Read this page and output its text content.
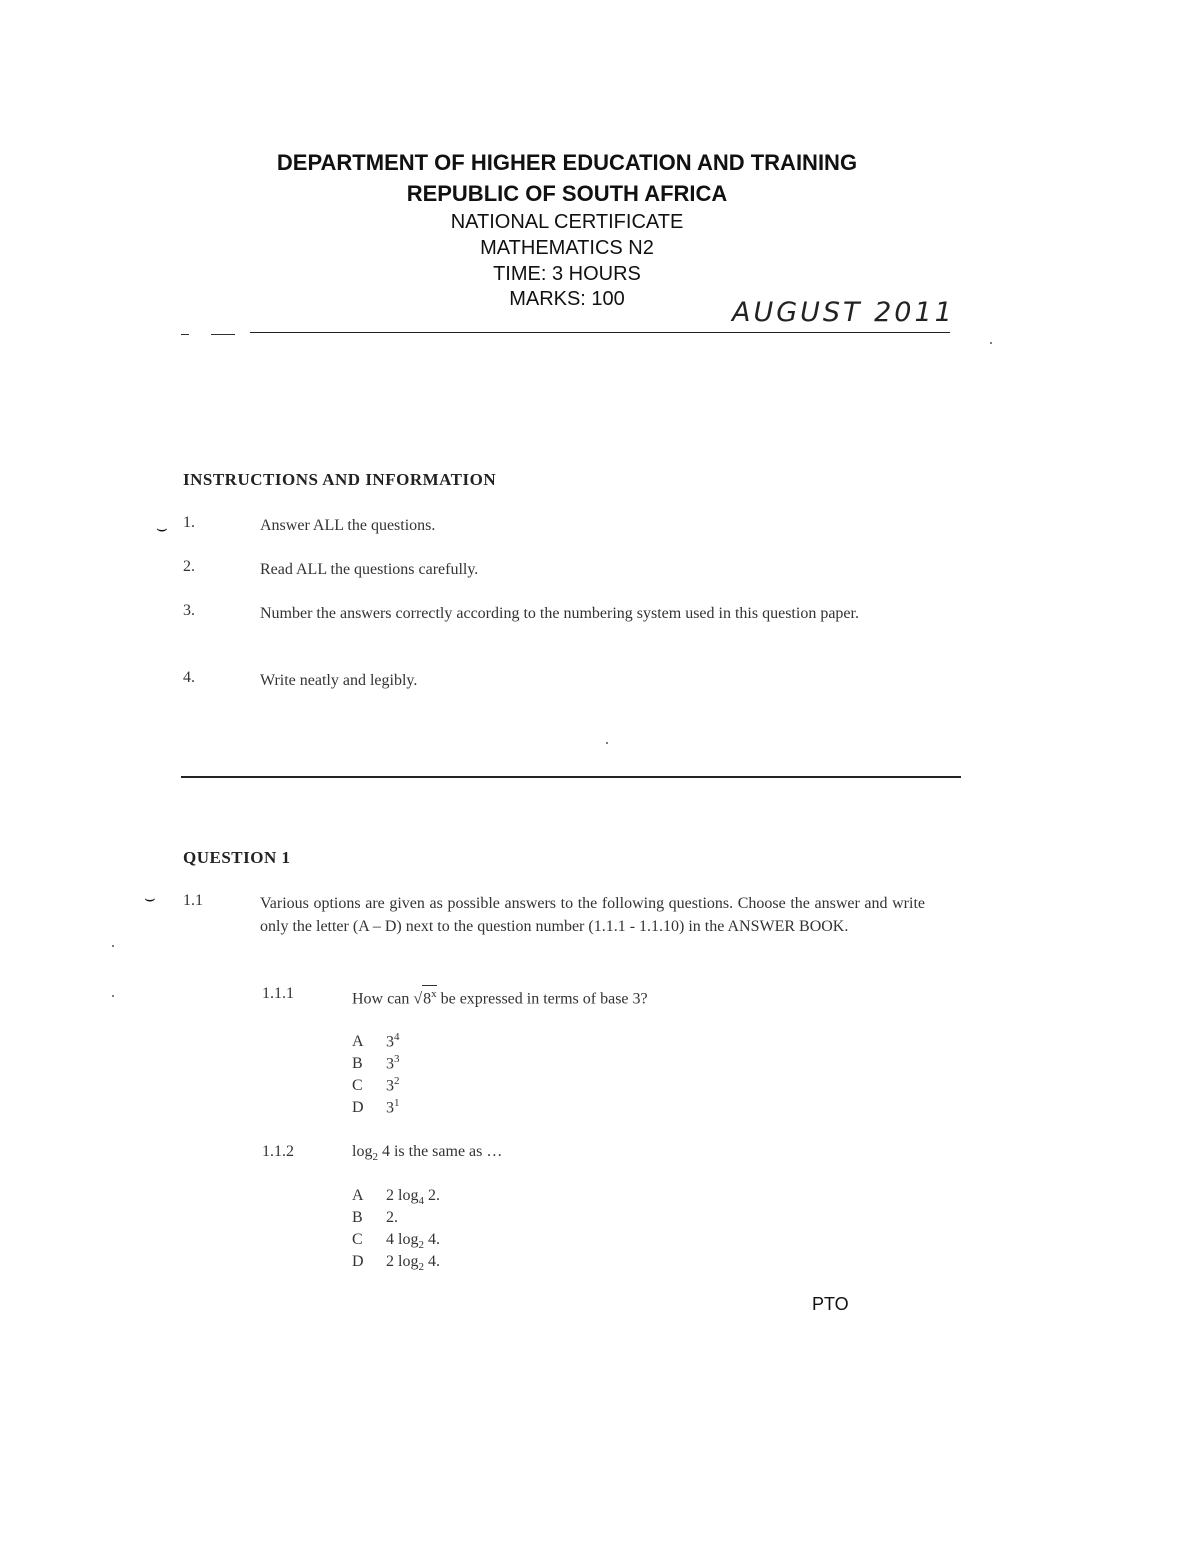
DEPARTMENT OF HIGHER EDUCATION AND TRAINING
REPUBLIC OF SOUTH AFRICA
NATIONAL CERTIFICATE
MATHEMATICS N2
TIME: 3 HOURS
MARKS: 100	AUGUST 2011
INSTRUCTIONS AND INFORMATION
⌣ 1.	Answer ALL the questions.
2.	Read ALL the questions carefully.
3.	Number the answers correctly according to the numbering system used in this question paper.
4.	Write neatly and legibly.
QUESTION 1
⌣ 1.1	Various options are given as possible answers to the following questions. Choose the answer and write only the letter (A – D) next to the question number (1.1.1 - 1.1.10) in the ANSWER BOOK.
1.1.1	How can √8$^x$ be expressed in terms of base 3?
A $3^4$
B $3^3$
C $3^2$
D $3^1$
1.1.2	$\log_2 4$ is the same as …
A 2 $\log_4 2$.
B 2.
C 4 $\log_2 4$.
D 2 $\log_2 4$.
PTO
